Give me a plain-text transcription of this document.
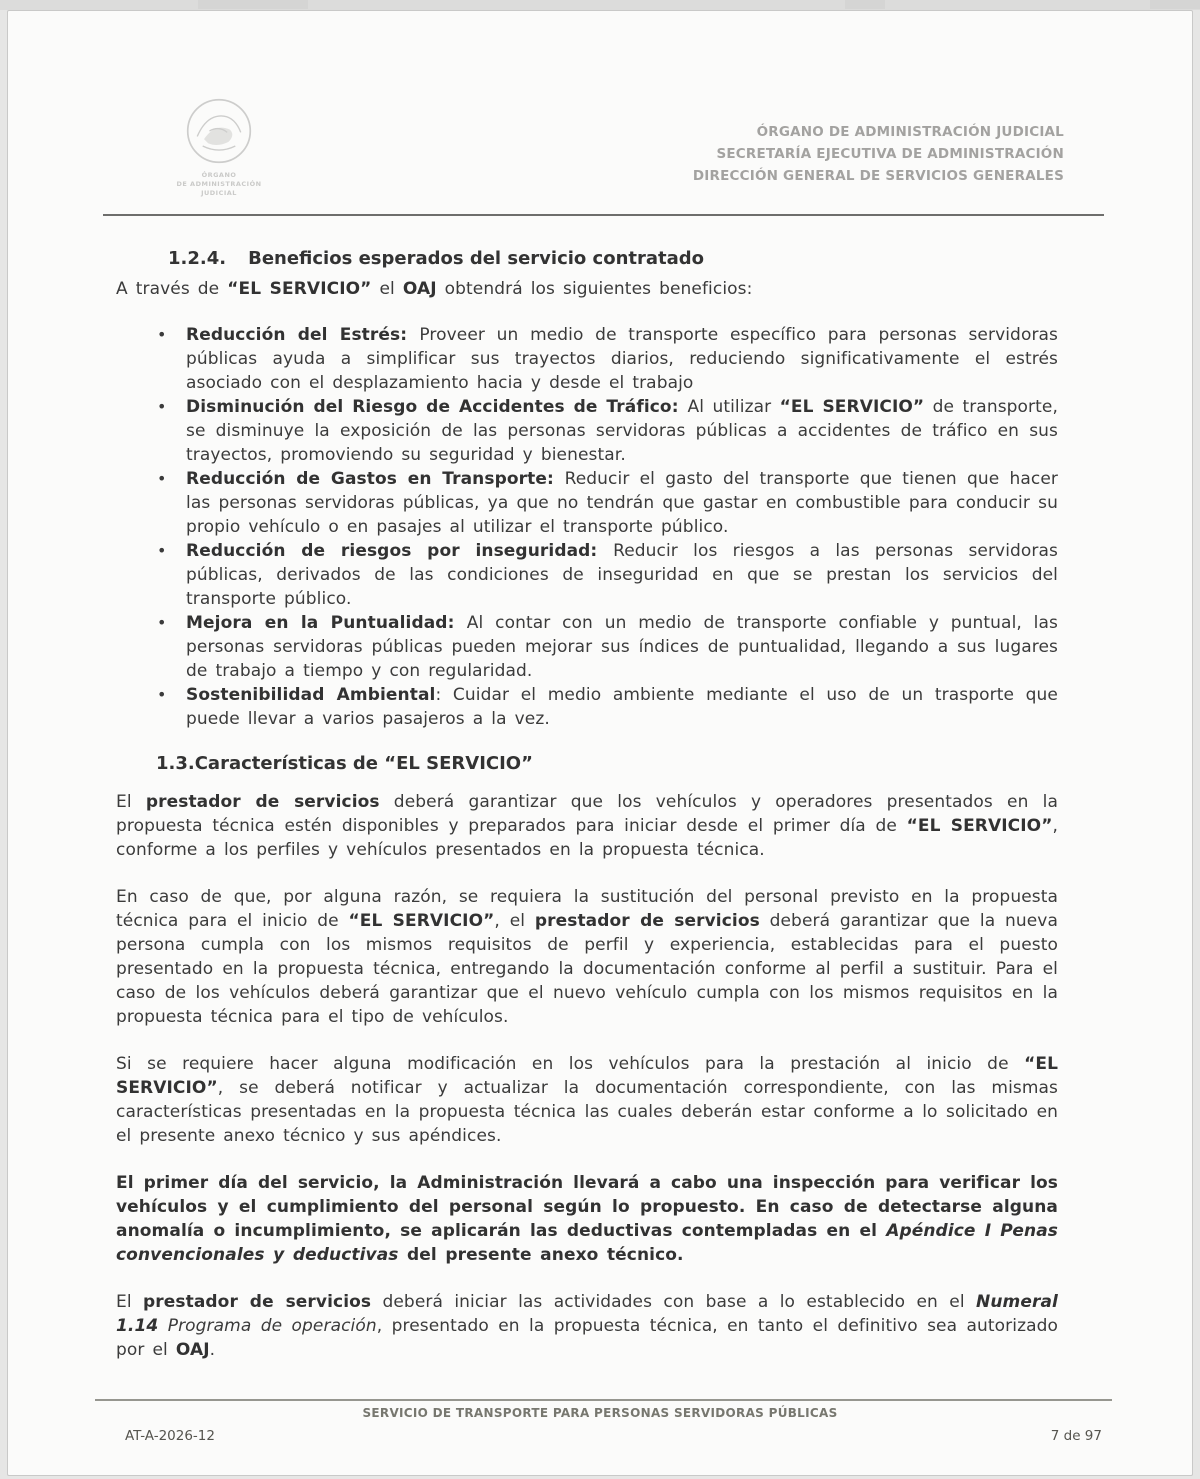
ÓRGANO
DE ADMINISTRACIÓN
JUDICIAL
ÓRGANO DE ADMINISTRACIÓN JUDICIAL
SECRETARÍA EJECUTIVA DE ADMINISTRACIÓN
DIRECCIÓN GENERAL DE SERVICIOS GENERALES
1.2.4. Beneficios esperados del servicio contratado

A través de “EL SERVICIO” el OAJ obtendrá los siguientes beneficios:

• Reducción del Estrés: Proveer un medio de transporte específico para personas servidoras públicas ayuda a simplificar sus trayectos diarios, reduciendo significativamente el estrés asociado con el desplazamiento hacia y desde el trabajo
• Disminución del Riesgo de Accidentes de Tráfico: Al utilizar “EL SERVICIO” de transporte, se disminuye la exposición de las personas servidoras públicas a accidentes de tráfico en sus trayectos, promoviendo su seguridad y bienestar.
• Reducción de Gastos en Transporte: Reducir el gasto del transporte que tienen que hacer las personas servidoras públicas, ya que no tendrán que gastar en combustible para conducir su propio vehículo o en pasajes al utilizar el transporte público.
• Reducción de riesgos por inseguridad: Reducir los riesgos a las personas servidoras públicas, derivados de las condiciones de inseguridad en que se prestan los servicios del transporte público.
• Mejora en la Puntualidad: Al contar con un medio de transporte confiable y puntual, las personas servidoras públicas pueden mejorar sus índices de puntualidad, llegando a sus lugares de trabajo a tiempo y con regularidad.
• Sostenibilidad Ambiental: Cuidar el medio ambiente mediante el uso de un trasporte que puede llevar a varios pasajeros a la vez.
1.3.Características de “EL SERVICIO”

El prestador de servicios deberá garantizar que los vehículos y operadores presentados en la propuesta técnica estén disponibles y preparados para iniciar desde el primer día de “EL SERVICIO”, conforme a los perfiles y vehículos presentados en la propuesta técnica.

En caso de que, por alguna razón, se requiera la sustitución del personal previsto en la propuesta técnica para el inicio de “EL SERVICIO”, el prestador de servicios deberá garantizar que la nueva persona cumpla con los mismos requisitos de perfil y experiencia, establecidas para el puesto presentado en la propuesta técnica, entregando la documentación conforme al perfil a sustituir. Para el caso de los vehículos deberá garantizar que el nuevo vehículo cumpla con los mismos requisitos en la propuesta técnica para el tipo de vehículos.

Si se requiere hacer alguna modificación en los vehículos para la prestación al inicio de “EL SERVICIO”, se deberá notificar y actualizar la documentación correspondiente, con las mismas características presentadas en la propuesta técnica las cuales deberán estar conforme a lo solicitado en el presente anexo técnico y sus apéndices.

El primer día del servicio, la Administración llevará a cabo una inspección para verificar los vehículos y el cumplimiento del personal según lo propuesto. En caso de detectarse alguna anomalía o incumplimiento, se aplicarán las deductivas contempladas en el Apéndice I Penas convencionales y deductivas del presente anexo técnico.

El prestador de servicios deberá iniciar las actividades con base a lo establecido en el Numeral 1.14 Programa de operación, presentado en la propuesta técnica, en tanto el definitivo sea autorizado por el OAJ.

SERVICIO DE TRANSPORTE PARA PERSONAS SERVIDORAS PÚBLICAS
AT-A-2026-12	7 de 97
